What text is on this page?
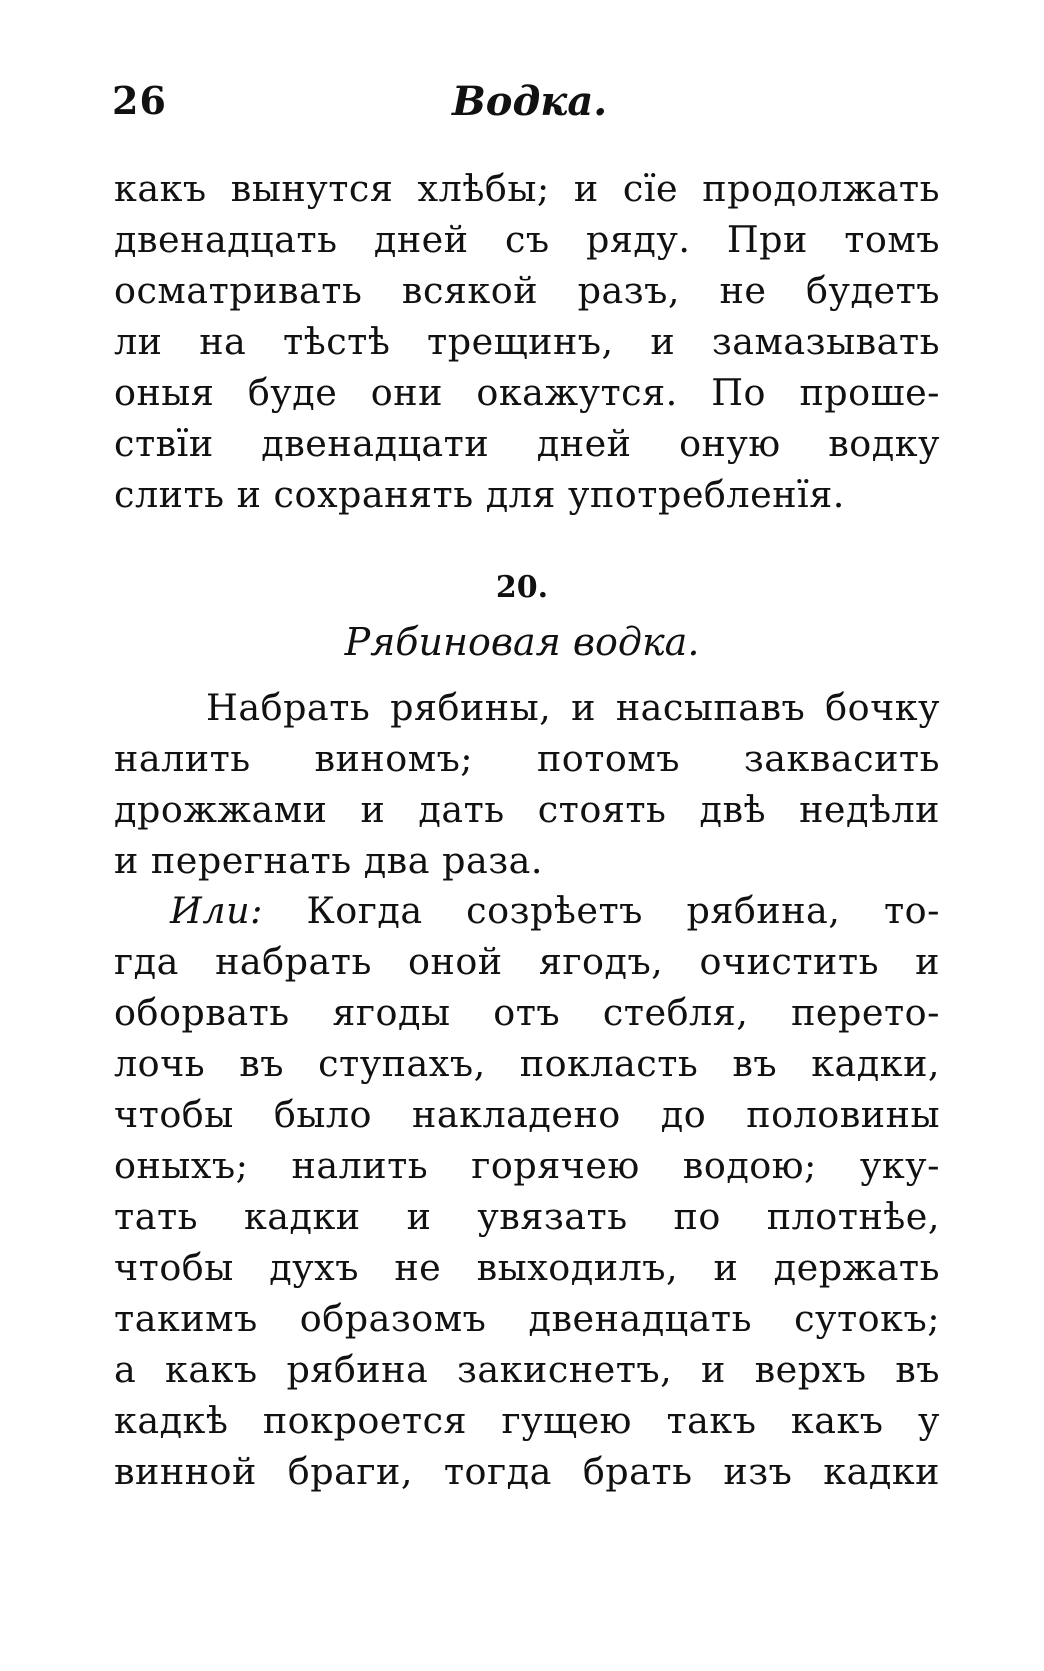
26	Водка.
какъ вынутся хлѣбы; и сїе продолжать
двенадцать дней съ ряду. При томъ
осматривать всякой разъ, не будетъ
ли на тѣстѣ трещинъ, и замазывать
оныя буде они окажутся. По проше-
ствїи двенадцати дней оную водку
слить и сохранять для употребленїя.
20.
Рябиновая водка.
Набрать рябины, и насыпавъ бочку
налить виномъ; потомъ заквасить
дрожжами и дать стоять двѣ недѣли
и перегнать два раза.
Или: Когда созрѣетъ рябина, то-
гда набрать оной ягодъ, очистить и
оборвать ягоды отъ стебля, перето-
лочь въ ступахъ, покласть въ кадки,
чтобы было накладено до половины
оныхъ; налить горячею водою; уку-
тать кадки и увязать по плотнѣе,
чтобы духъ не выходилъ, и держать
такимъ образомъ двенадцать сутокъ;
а какъ рябина закиснетъ, и верхъ въ
кадкѣ покроется гущею такъ какъ у
винной браги, тогда брать изъ кадки
